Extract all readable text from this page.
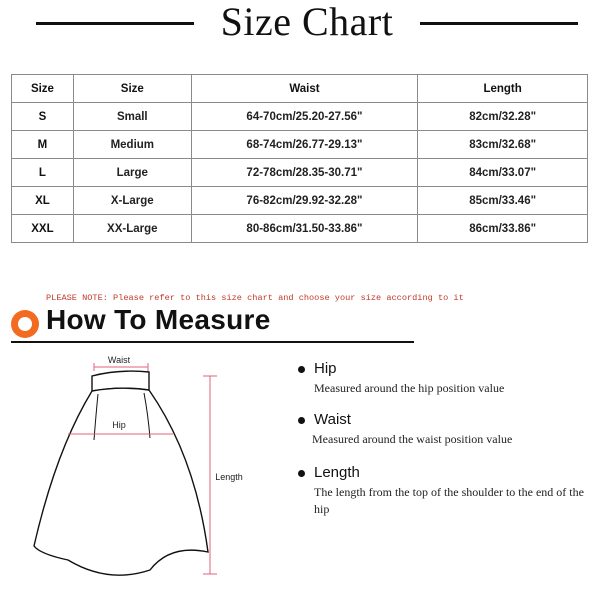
Size Chart
Size	Size	Waist	Length
S	Small	64-70cm/25.20-27.56"	82cm/32.28"
M	Medium	68-74cm/26.77-29.13"	83cm/32.68"
L	Large	72-78cm/28.35-30.71"	84cm/33.07"
XL	X-Large	76-82cm/29.92-32.28"	85cm/33.46"
XXL	XX-Large	80-86cm/31.50-33.86"	86cm/33.86"
PLEASE NOTE: Please refer to this size chart and choose your size according to it
How To Measure
Waist
Hip
Length
Hip
Measured around the hip position value
Waist
Measured around the waist position value
Length
The length from the top of the shoulder to the end of the hip
